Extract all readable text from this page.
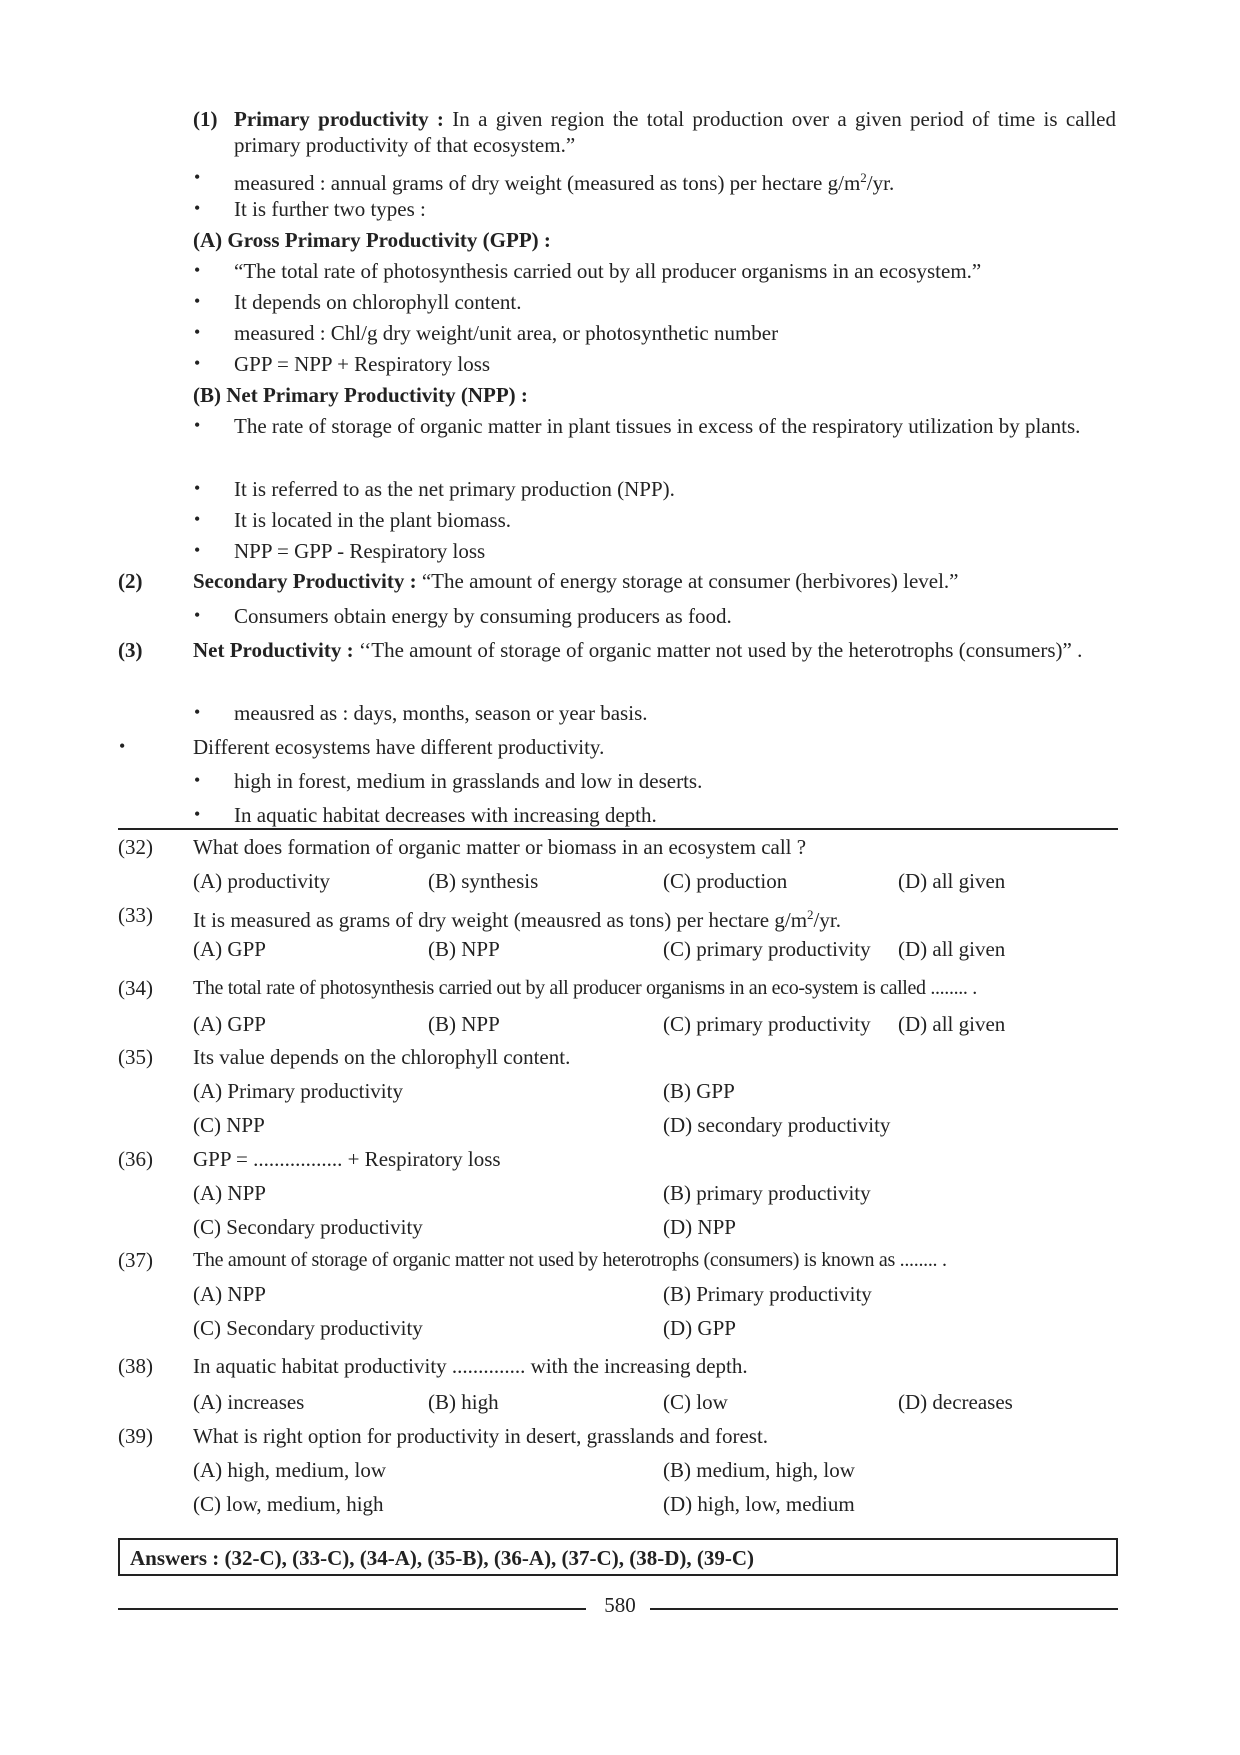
(1) Primary productivity : In a given region the total production over a given period of time is called primary productivity of that ecosystem.”
• measured : annual grams of dry weight (measured as tons) per hectare $g/m^2/yr$.
• It is further two types :
(A) Gross Primary Productivity (GPP) :
• “The total rate of photosynthesis carried out by all producer organisms in an ecosystem.”
• It depends on chlorophyll content.
• measured : Chl/g dry weight/unit area, or photosynthetic number
• GPP = NPP + Respiratory loss
(B) Net Primary Productivity (NPP) :
• The rate of storage of organic matter in plant tissues in excess of the respiratory utilization by plants.
• It is referred to as the net primary production (NPP).
• It is located in the plant biomass.
• NPP = GPP - Respiratory loss
(2) Secondary Productivity : “The amount of energy storage at consumer (herbivores) level.”
• Consumers obtain energy by consuming producers as food.
(3) Net Productivity : ‘‘The amount of storage of organic matter not used by the heterotrophs (consumers)” .
• meausred as : days, months, season or year basis.
•	Different ecosystems have different productivity.
• high in forest, medium in grasslands and low in deserts.
• In aquatic habitat decreases with increasing depth.
(32) What does formation of organic matter or biomass in an ecosystem call ?
(A) productivity	(B) synthesis	(C) production	(D) all given
(33) It is measured as grams of dry weight (meausred as tons) per hectare $g/m^2/yr$.
(A) GPP	(B) NPP	(C) primary productivity (D) all given
(34) The total rate of photosynthesis carried out by all producer organisms in an eco-system is called ........ .
(A) GPP	(B) NPP	(C) primary productivity (D) all given
(35) Its value depends on the chlorophyll content.
(A) Primary productivity	(B) GPP
(C) NPP	(D) secondary productivity
(36) GPP = ................. + Respiratory loss
(A) NPP	(B) primary productivity
(C) Secondary productivity	(D) NPP
(37) The amount of storage of organic matter not used by heterotrophs (consumers) is known as ........ .
(A) NPP	(B) Primary productivity
(C) Secondary productivity	(D) GPP
(38) In aquatic habitat productivity .............. with the increasing depth.
(A) increases	(B) high	(C) low	(D) decreases
(39) What is right option for productivity in desert, grasslands and forest.
(A) high, medium, low	(B) medium, high, low
(C) low, medium, high	(D) high, low, medium
Answers : (32-C), (33-C), (34-A), (35-B), (36-A), (37-C), (38-D), (39-C)
580
